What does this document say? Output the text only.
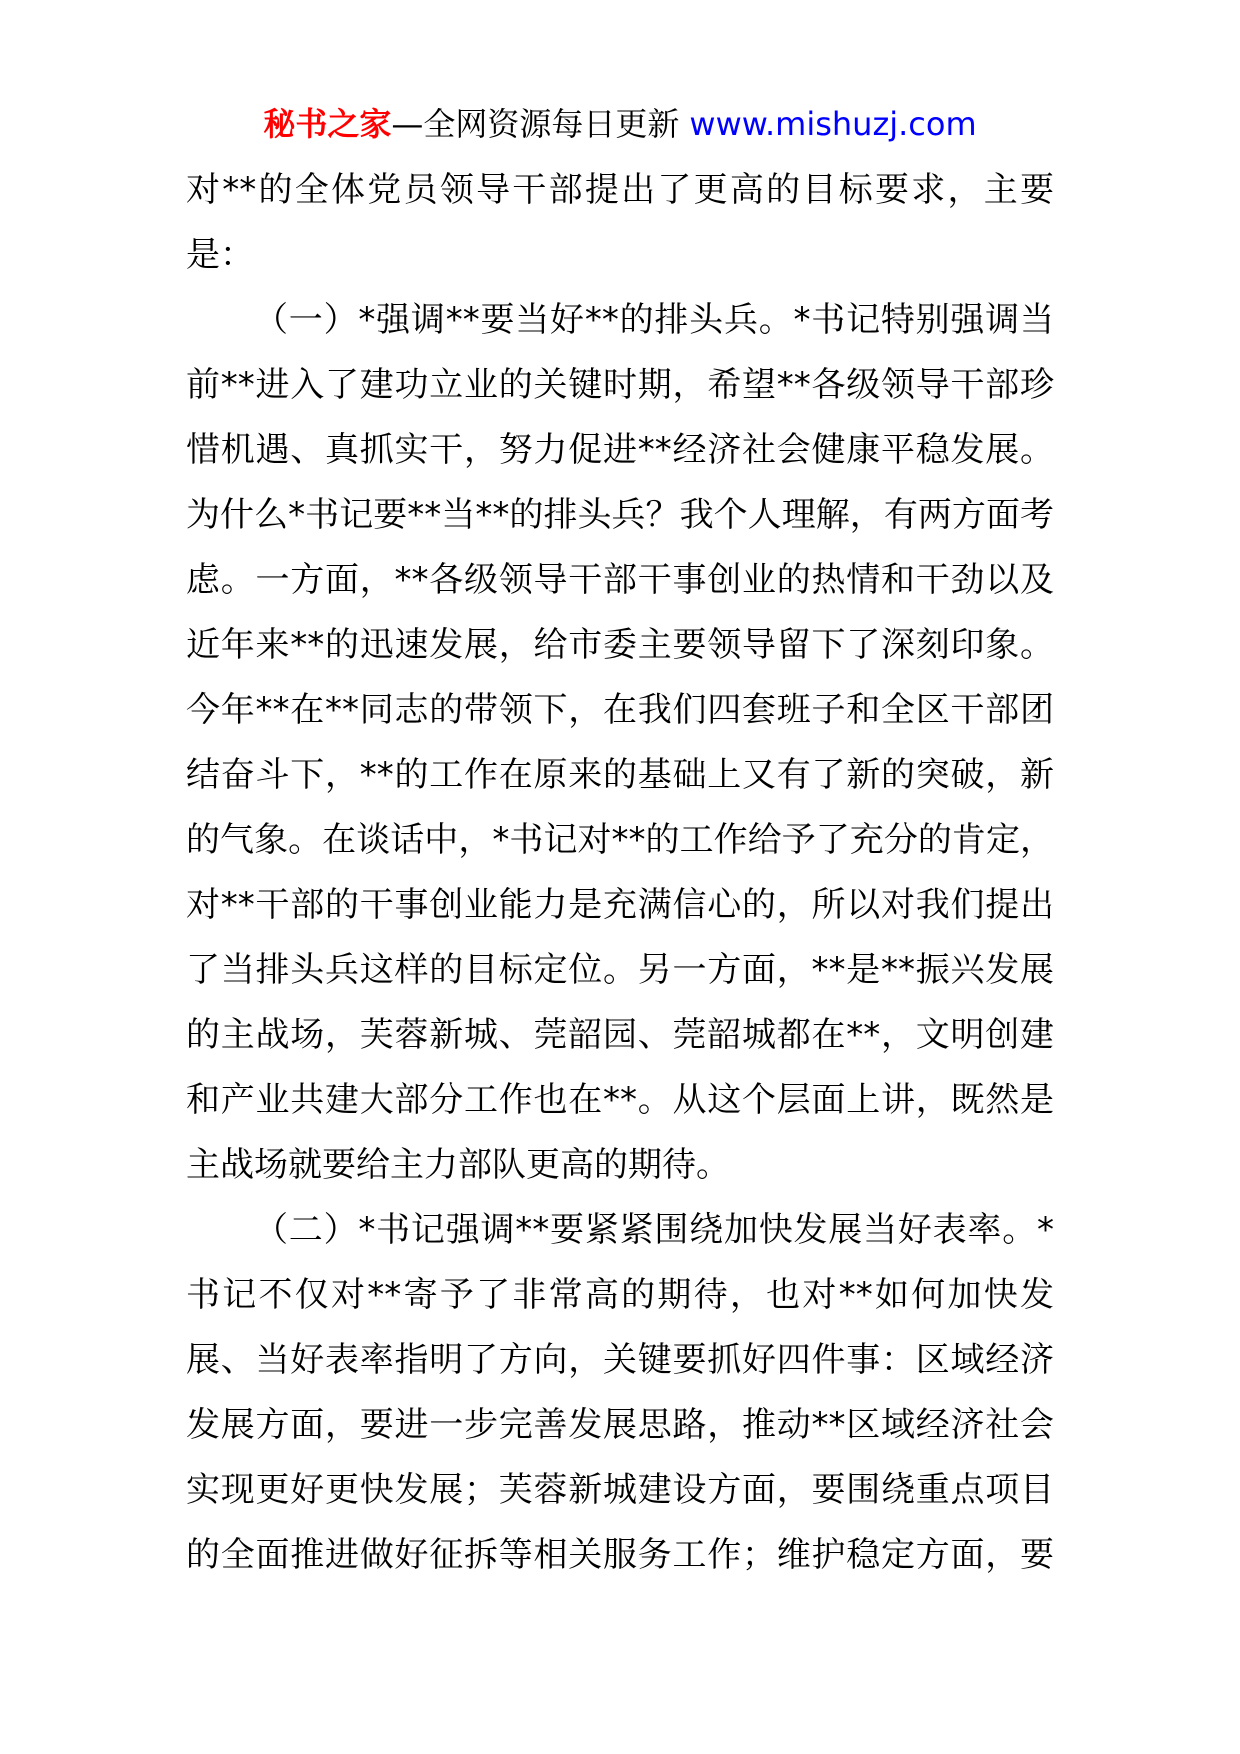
秘书之家—全网资源每日更新 www.mishuzj.com
对**的全体党员领导干部提出了更高的目标要求，主要
是：
（一）*强调**要当好**的排头兵。*书记特别强调当
前**进入了建功立业的关键时期，希望**各级领导干部珍
惜机遇、真抓实干，努力促进**经济社会健康平稳发展。
为什么*书记要**当**的排头兵？我个人理解，有两方面考
虑。一方面，**各级领导干部干事创业的热情和干劲以及
近年来**的迅速发展，给市委主要领导留下了深刻印象。
今年**在**同志的带领下，在我们四套班子和全区干部团
结奋斗下，**的工作在原来的基础上又有了新的突破，新
的气象。在谈话中，*书记对**的工作给予了充分的肯定，
对**干部的干事创业能力是充满信心的，所以对我们提出
了当排头兵这样的目标定位。另一方面，**是**振兴发展
的主战场，芙蓉新城、莞韶园、莞韶城都在**，文明创建
和产业共建大部分工作也在**。从这个层面上讲，既然是
主战场就要给主力部队更高的期待。
（二）*书记强调**要紧紧围绕加快发展当好表率。*
书记不仅对**寄予了非常高的期待，也对**如何加快发
展、当好表率指明了方向，关键要抓好四件事：区域经济
发展方面，要进一步完善发展思路，推动**区域经济社会
实现更好更快发展；芙蓉新城建设方面，要围绕重点项目
的全面推进做好征拆等相关服务工作；维护稳定方面，要
